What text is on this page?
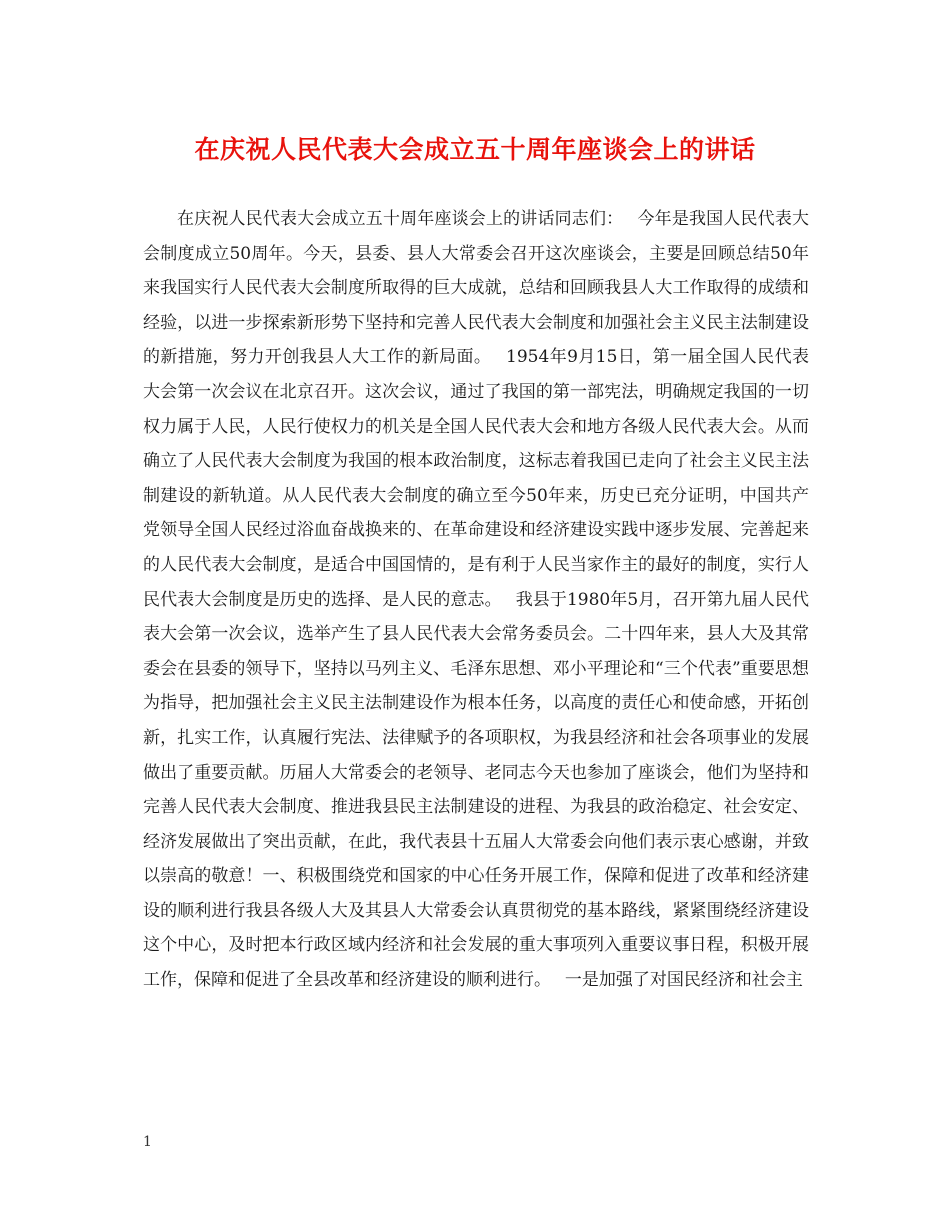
在庆祝人民代表大会成立五十周年座谈会上的讲话

在庆祝人民代表大会成立五十周年座谈会上的讲话同志们：　 今年是我国人民代表大会制度成立50周年。今天，县委、县人大常委会召开这次座谈会，主要是回顾总结50年来我国实行人民代表大会制度所取得的巨大成就，总结和回顾我县人大工作取得的成绩和经验，以进一步探索新形势下坚持和完善人民代表大会制度和加强社会主义民主法制建设的新措施，努力开创我县人大工作的新局面。　 1954年9月15日，第一届全国人民代表大会第一次会议在北京召开。这次会议，通过了我国的第一部宪法，明确规定我国的一切权力属于人民，人民行使权力的机关是全国人民代表大会和地方各级人民代表大会。从而确立了人民代表大会制度为我国的根本政治制度，这标志着我国已走向了社会主义民主法制建设的新轨道。从人民代表大会制度的确立至今50年来，历史已充分证明，中国共产党领导全国人民经过浴血奋战换来的、在革命建设和经济建设实践中逐步发展、完善起来的人民代表大会制度，是适合中国国情的，是有利于人民当家作主的最好的制度，实行人民代表大会制度是历史的选择、是人民的意志。　 我县于1980年5月，召开第九届人民代表大会第一次会议，选举产生了县人民代表大会常务委员会。二十四年来，县人大及其常委会在县委的领导下，坚持以马列主义、毛泽东思想、邓小平理论和“三个代表”重要思想为指导，把加强社会主义民主法制建设作为根本任务，以高度的责任心和使命感，开拓创新，扎实工作，认真履行宪法、法律赋予的各项职权，为我县经济和社会各项事业的发展做出了重要贡献。历届人大常委会的老领导、老同志今天也参加了座谈会，他们为坚持和完善人民代表大会制度、推进我县民主法制建设的进程、为我县的政治稳定、社会安定、经济发展做出了突出贡献，在此，我代表县十五届人大常委会向他们表示衷心感谢，并致以崇高的敬意！一、积极围绕党和国家的中心任务开展工作，保障和促进了改革和经济建设的顺利进行我县各级人大及其县人大常委会认真贯彻党的基本路线，紧紧围绕经济建设这个中心，及时把本行政区域内经济和社会发展的重大事项列入重要议事日程，积极开展工作，保障和促进了全县改革和经济建设的顺利进行。　 一是加强了对国民经济和社会主

1
